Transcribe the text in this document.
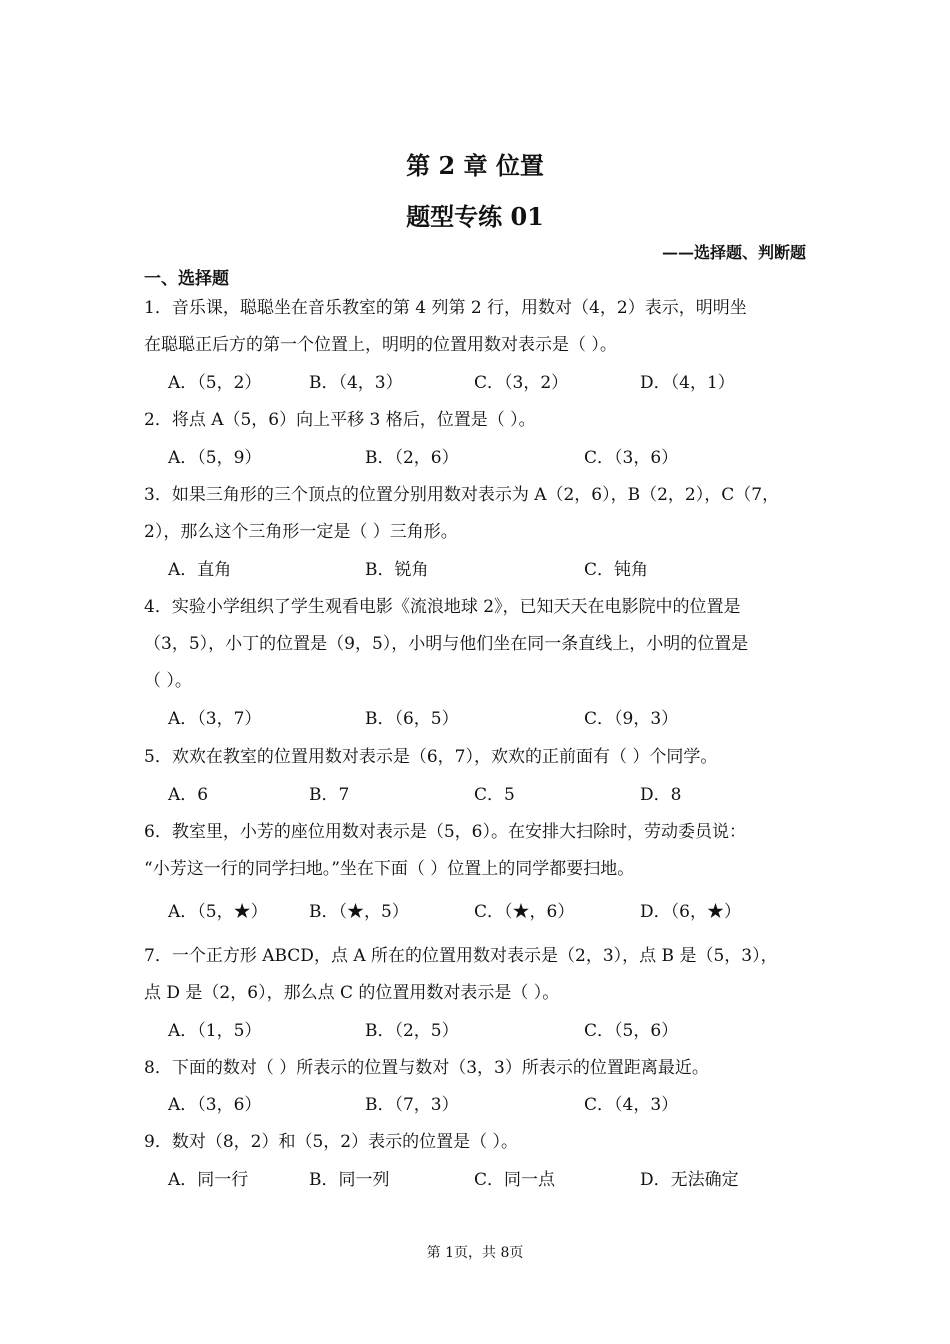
第 2 章 位置
题型专练 01
——选择题、判断题
一、选择题
1．音乐课，聪聪坐在音乐教室的第 4 列第 2 行，用数对（4，2）表示，明明坐
在聪聪正后方的第一个位置上，明明的位置用数对表示是（ ）。
A．（5，2）	B．（4，3）	C．（3，2）	D．（4，1）
2．将点 A（5，6）向上平移 3 格后，位置是（ ）。
A．（5，9）	B．（2，6）	C．（3，6）
3．如果三角形的三个顶点的位置分别用数对表示为 A（2，6），B（2，2），C（7，
2），那么这个三角形一定是（ ）三角形。
A．直角	B．锐角	C．钝角
4．实验小学组织了学生观看电影《流浪地球 2》，已知天天在电影院中的位置是
（3，5），小丁的位置是（9，5），小明与他们坐在同一条直线上，小明的位置是
（ ）。
A．（3，7）	B．（6，5）	C．（9，3）
5．欢欢在教室的位置用数对表示是（6，7），欢欢的正前面有（ ）个同学。
A．6	B．7	C．5	D．8
6．教室里，小芳的座位用数对表示是（5，6）。在安排大扫除时，劳动委员说：
“小芳这一行的同学扫地。”坐在下面（ ）位置上的同学都要扫地。
A．（5，★） B．（★，5）	C．（★，6）	D．（6，★）
7．一个正方形 ABCD，点 A 所在的位置用数对表示是（2，3），点 B 是（5，3），
点 D 是（2，6），那么点 C 的位置用数对表示是（ ）。
A．（1，5）	B．（2，5）	C．（5，6）
8．下面的数对（ ）所表示的位置与数对（3，3）所表示的位置距离最近。
A．（3，6）	B．（7，3）	C．（4，3）
9．数对（8，2）和（5，2）表示的位置是（ ）。
A．同一行	B．同一列	C．同一点	D．无法确定
第 1页，共 8页
